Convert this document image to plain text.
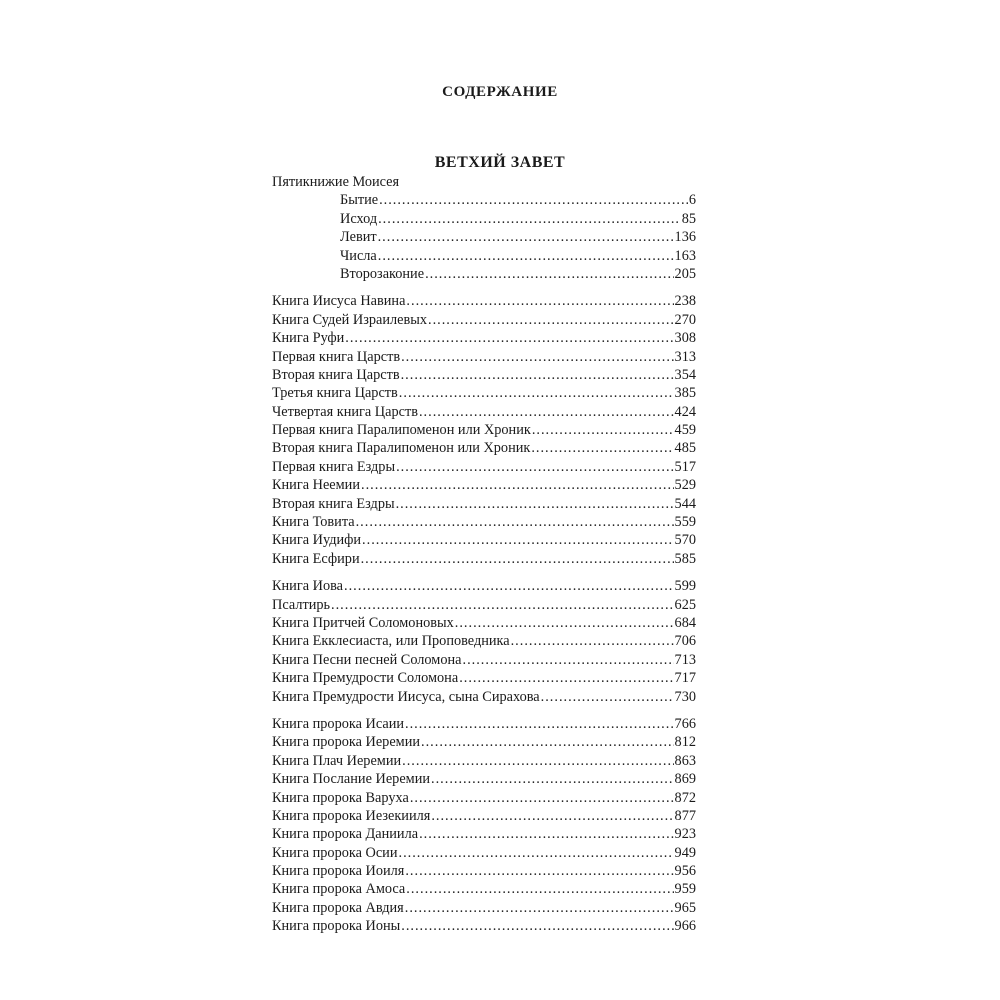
СОДЕРЖАНИЕ
ВЕТХИЙ ЗАВЕТ
Пятикнижие Моисея
Бытие .....	6
Исход .....	85
Левит .....	136
Числа .....	163
Второзаконие .....	205
Книга Иисуса Навина .....	238
Книга Судей Израилевых .....	270
Книга Руфи .....	308
Первая книга Царств .....	313
Вторая книга Царств .....	354
Третья книга Царств .....	385
Четвертая книга Царств .....	424
Первая книга Паралипоменон или Хроник .....	459
Вторая книга Паралипоменон или Хроник .....	485
Первая книга Ездры .....	517
Книга Неемии .....	529
Вторая книга Ездры .....	544
Книга Товита .....	559
Книга Иудифи .....	570
Книга Есфири .....	585
Книга Иова .....	599
Псалтирь .....	625
Книга Притчей Соломоновых .....	684
Книга Екклесиаста, или Проповедника .....	706
Книга Песни песней Соломона .....	713
Книга Премудрости Соломона .....	717
Книга Премудрости Иисуса, сына Сирахова .....	730
Книга пророка Исаии .....	766
Книга пророка Иеремии .....	812
Книга Плач Иеремии .....	863
Книга Послание Иеремии .....	869
Книга пророка Варуха .....	872
Книга пророка Иезекииля .....	877
Книга пророка Даниила .....	923
Книга пророка Осии .....	949
Книга пророка Иоиля .....	956
Книга пророка Амоса .....	959
Книга пророка Авдия .....	965
Книга пророка Ионы .....	966
